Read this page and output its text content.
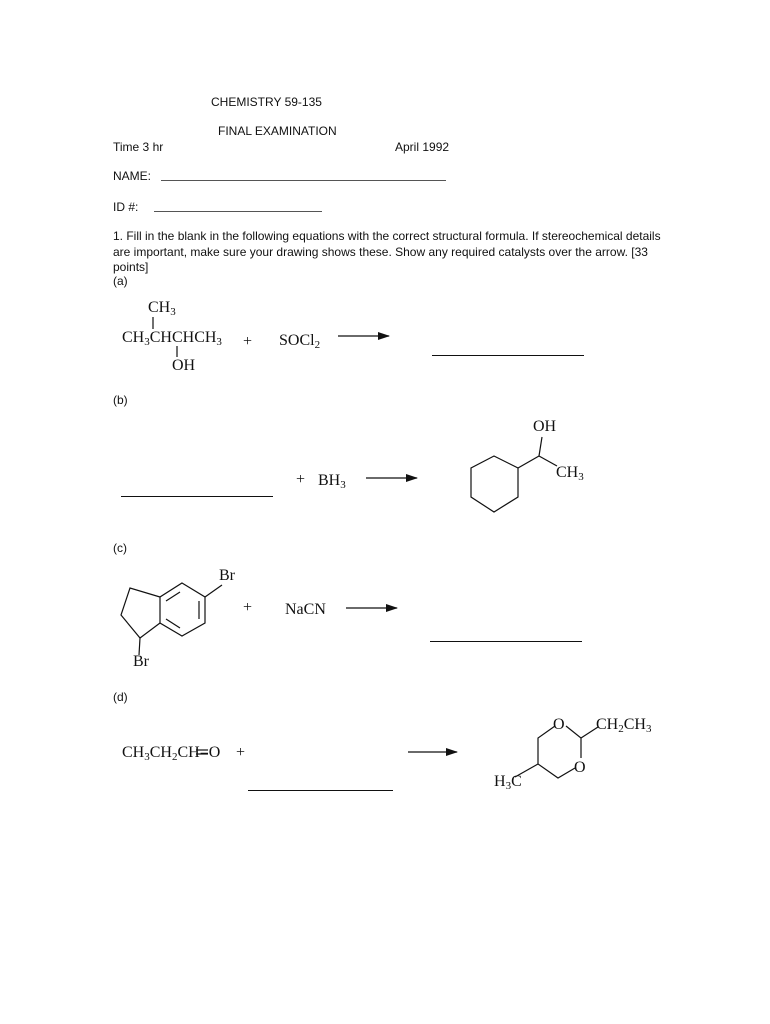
CHEMISTRY 59-135
FINAL EXAMINATION
Time 3 hr	April 1992
NAME:
ID #:
1. Fill in the blank in the following equations with the correct structural formula. If stereochemical details are important, make sure your drawing shows these. Show any required catalysts over the arrow. [33 points]
(a)
$CH_3$
$CH_3CHCHCH_3$
OH
+ SOCl$_2$
(b)
+ $BH_3$
OH
$CH_3$
(c)
Br
Br
+ NaCN
(d)
$CH_3CH_2CH=O$ +
O
O
$CH_2CH_3$
$H_3C$
